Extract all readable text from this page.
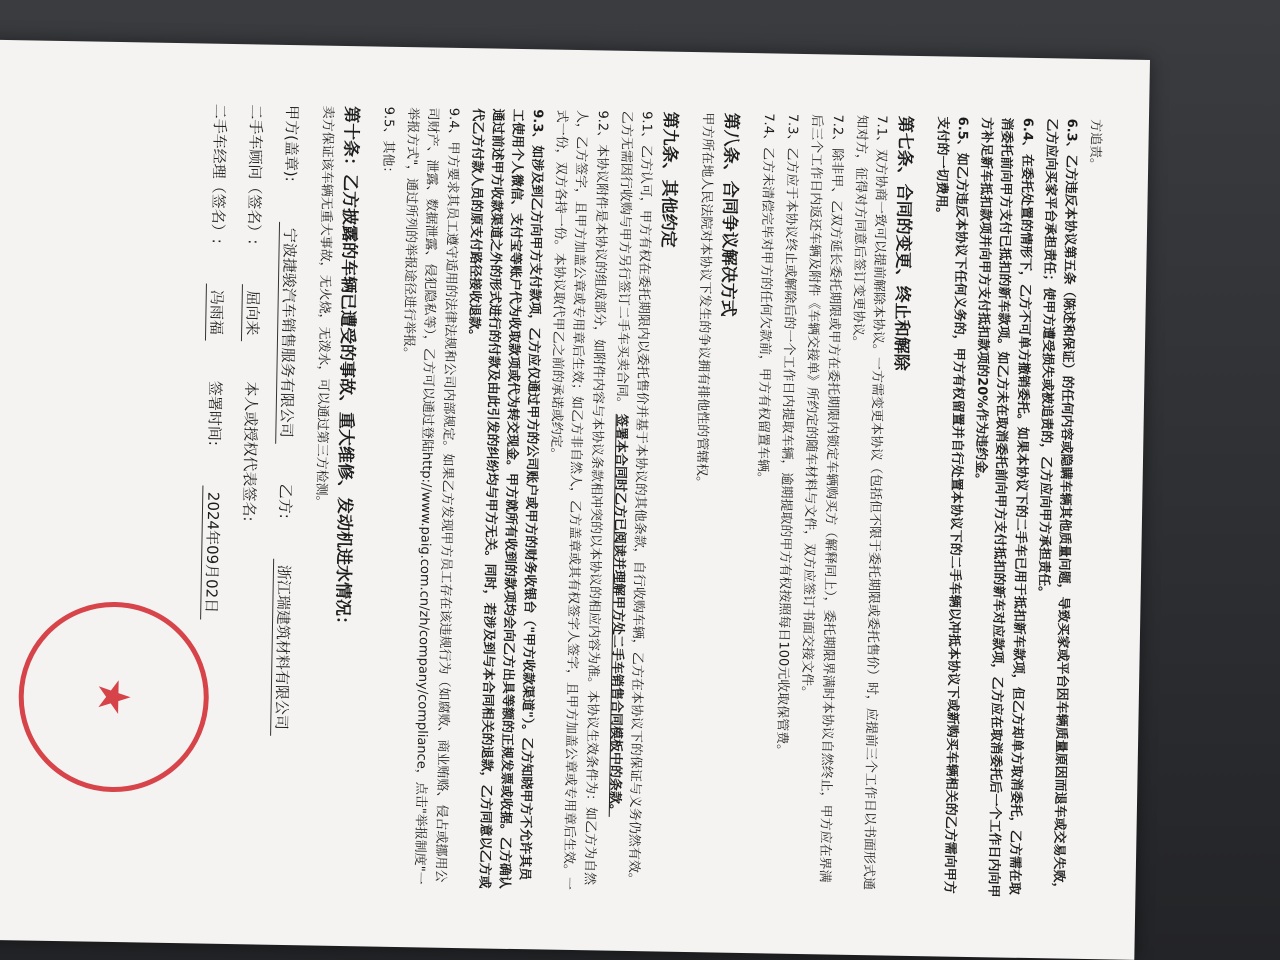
方追责。
6.3、乙方违反本协议第五条（陈述和保证）的任何内容或隐瞒车辆其他质量问题，导致买家或平台因车辆质量原因而退车或交易失败，乙方应向买家平台承担责任；使甲方遭受损失或被追责的，乙方应向甲方承担责任。
6.4、在委托处置的情形下，乙方不可单方撤销委托。如果本协议下的二手车已用于抵扣新车款项，但乙方却单方取消委托，乙方需在取消委托前向甲方支付已抵扣的新车款项。如乙方未在取消委托前向甲方支付抵扣的新车对应款项，乙方应在取消委托后一个工作日内向甲方补足新车抵扣款项并向甲方支付抵扣款项的20%作为违约金。
6.5、如乙方违反本协议下任何义务的，甲方有权留置并自行处置本协议下的二手车辆以冲抵本协议下或新购买车辆相关的乙方需向甲方支付的一切费用。
第七条、合同的变更、终止和解除
7.1、双方协商一致可以提前解除本协议。一方需变更本协议（包括但不限于委托期限或委托售价）时，应提前三个工作日以书面形式通知对方，征得对方同意后签订变更协议。
7.2、除非甲、乙双方延长委托期限或甲方在委托期限内锁定车辆购买方（解释同上），委托期限界满时本协议自然终止，甲方应在界满后三个工作日内返还车辆及附件《车辆交接单》所约定的随车材料与文件，双方应签订书面交接文件。
7.3、乙方应于本协议终止或解除后的一个工作日内提取车辆，逾期提取的甲方有权按照每日100元收取保管费。
7.4、乙方未清偿完毕对甲方的任何欠款前，甲方有权留置车辆。
第八条、合同争议解决方式
甲方所在地人民法院对本协议下发生的争议拥有排他性的管辖权。
第九条、其他约定
9.1、乙方认可，甲方有权在委托期限内以委托售价并基于本协议的其他条款，自行收购车辆，乙方在本协议下的保证与义务仍然有效。乙方无需因行收购与甲方另行签订二手车买卖合同。 签署本合同时乙方已阅读并理解甲方处二手车销售合同模板中的条款。
9.2、本协议附件是本协议的组成部分，如附件内容与本协议条款相冲突的以本协议的相应内容为准。本协议生效条件为：如乙方为自然人，乙方签字，且甲方加盖公章或专用章后生效；如乙方非自然人，乙方盖章或其有权签字人签字，且甲方加盖公章或专用章后生效。一式一份，双方各持一份。本协议取代甲乙之前的承诺或约定。
9.3、如涉及到乙方向甲方支付款项，乙方应仅通过甲方的公司账户或甲方的财务收银台（"甲方收款渠道"）。乙方知晓甲方不允许其员工使用个人微信、支付宝等账户代为收取款项或代为转交现金。甲方就所有收到的款项均会向乙方出具等额的正规发票或收据。乙方确认通过前述甲方收款渠道之外的形式进行的付款及由此引发的纠纷均与甲方无关。同时，若涉及到与本合同相关的退款，乙方同意以乙方或代乙方付款人员的原支付路径接收退款。
9.4、甲方要求其员工遵守适用的法律法规和公司内部规定。如果乙方发现甲方员工存在该违规行为（如腐败、商业贿赂、侵占或挪用公司财产、泄露、数据泄露、侵犯隐私等），乙方可以通过登陆http://www.paig.com.cn/zh/company/compliance，点击"举报制度"一举报方式"，通过所列的举报途径进行举报。
9.5、其他：
第十条：乙方披露的车辆已遭受的事故、重大维修、发动机进水情况：
卖方保证该车辆无重大事故，无火烧，无泼水，可以通过第三方检测。
甲方(盖章):
宁波捷骏汽车销售服务有限公司
乙方:
浙江瑞建筑材料有限公司
二手车顾问（签名）:
屈向来
本人或授权代表签名:
二手车经理（签名）:
冯雨福
签署时间:
2024年09月02日
★
